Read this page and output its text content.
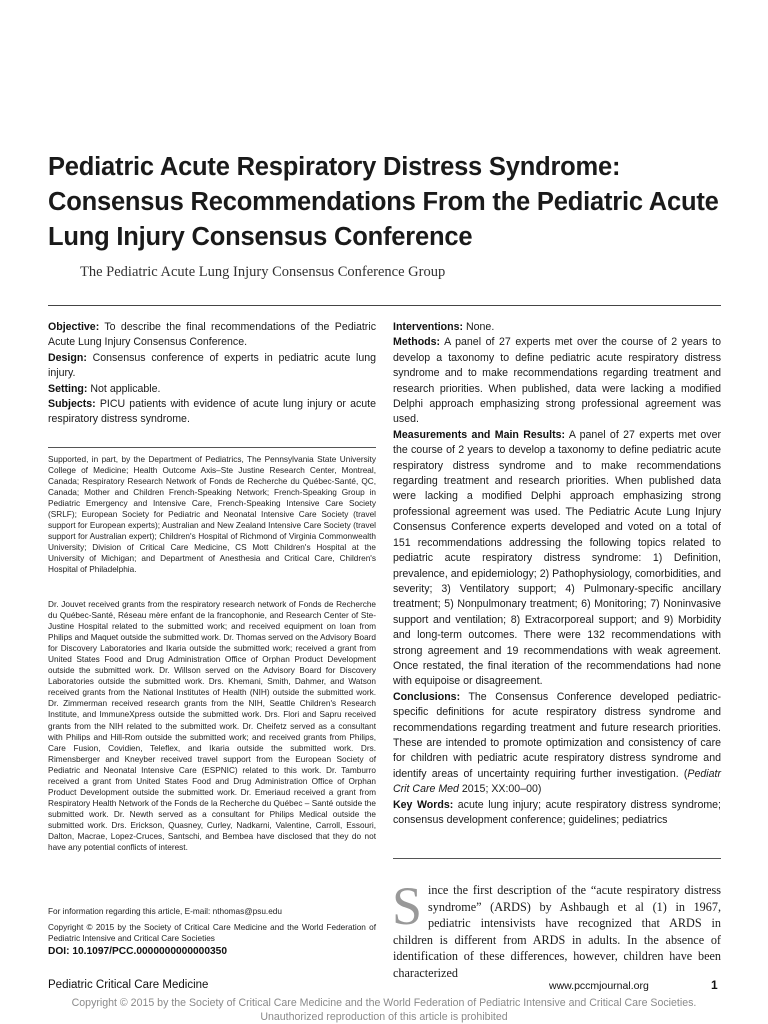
Pediatric Acute Respiratory Distress Syndrome: Consensus Recommendations From the Pediatric Acute Lung Injury Consensus Conference
The Pediatric Acute Lung Injury Consensus Conference Group

Objective: To describe the final recommendations of the Pediatric Acute Lung Injury Consensus Conference.

Design: Consensus conference of experts in pediatric acute lung injury.

Setting: Not applicable.

Subjects: PICU patients with evidence of acute lung injury or acute respiratory distress syndrome.

Supported, in part, by the Department of Pediatrics, The Pennsylvania State University College of Medicine; Health Outcome Axis–Ste Justine Research Center, Montreal, Canada; Respiratory Research Network of Fonds de Recherche du Québec-Santé, QC, Canada; Mother and Children French-Speaking Network; French-Speaking Group in Pediatric Emergency and Intensive Care, French-Speaking Intensive Care Society (SRLF); European Society for Pediatric and Neonatal Intensive Care Society (travel support for European experts); Australian and New Zealand Intensive Care Society (travel support for Australian expert); Children's Hospital of Richmond of Virginia Commonwealth University; Division of Critical Care Medicine, CS Mott Children's Hospital at the University of Michigan; and Department of Anesthesia and Critical Care, Children's Hospital of Philadelphia.

Dr. Jouvet received grants from the respiratory research network of Fonds de Recherche du Québec-Santé, Réseau mère enfant de la francophonie, and Research Center of Ste-Justine Hospital related to the submitted work; and received equipment on loan from Philips and Maquet outside the submitted work. Dr. Thomas served on the Advisory Board for Discovery Laboratories and Ikaria outside the submitted work; received a grant from United States Food and Drug Administration Office of Orphan Product Development outside the submitted work. Dr. Willson served on the Advisory Board for Discovery Laboratories outside the submitted work. Drs. Khemani, Smith, Dahmer, and Watson received grants from the National Institutes of Health (NIH) outside the submitted work. Dr. Zimmerman received research grants from the NIH, Seattle Children's Research Institute, and ImmuneXpress outside the submitted work. Drs. Flori and Sapru received grants from the NIH related to the submitted work. Dr. Cheifetz served as a consultant with Philips and Hill-Rom outside the submitted work; and received grants from Philips, Care Fusion, Covidien, Teleflex, and Ikaria outside the submitted work. Drs. Rimensberger and Kneyber received travel support from the European Society of Pediatric and Neonatal Intensive Care (ESPNIC) related to this work. Dr. Tamburro received a grant from United States Food and Drug Administration Office of Orphan Product Development outside the submitted work. Dr. Emeriaud received a grant from Respiratory Health Network of the Fonds de la Recherche du Québec – Santé outside the submitted work. Dr. Newth served as a consultant for Philips Medical outside the submitted work. Drs. Erickson, Quasney, Curley, Nadkarni, Valentine, Carroll, Essouri, Dalton, Macrae, Lopez-Cruces, Santschi, and Bembea have disclosed that they do not have any potential conflicts of interest.

For information regarding this article, E-mail: nthomas@psu.edu

Copyright © 2015 by the Society of Critical Care Medicine and the World Federation of Pediatric Intensive and Critical Care Societies

DOI: 10.1097/PCC.0000000000000350

Interventions: None.

Methods: A panel of 27 experts met over the course of 2 years to develop a taxonomy to define pediatric acute respiratory distress syndrome and to make recommendations regarding treatment and research priorities. When published, data were lacking a modified Delphi approach emphasizing strong professional agreement was used.

Measurements and Main Results: A panel of 27 experts met over the course of 2 years to develop a taxonomy to define pediatric acute respiratory distress syndrome and to make recommendations regarding treatment and research priorities. When published data were lacking a modified Delphi approach emphasizing strong professional agreement was used. The Pediatric Acute Lung Injury Consensus Conference experts developed and voted on a total of 151 recommendations addressing the following topics related to pediatric acute respiratory distress syndrome: 1) Definition, prevalence, and epidemiology; 2) Pathophysiology, comorbidities, and severity; 3) Ventilatory support; 4) Pulmonary-specific ancillary treatment; 5) Nonpulmonary treatment; 6) Monitoring; 7) Noninvasive support and ventilation; 8) Extracorporeal support; and 9) Morbidity and long-term outcomes. There were 132 recommendations with strong agreement and 19 recommendations with weak agreement. Once restated, the final iteration of the recommendations had none with equipoise or disagreement.

Conclusions: The Consensus Conference developed pediatric-specific definitions for acute respiratory distress syndrome and recommendations regarding treatment and future research priorities. These are intended to promote optimization and consistency of care for children with pediatric acute respiratory distress syndrome and identify areas of uncertainty requiring further investigation. (Pediatr Crit Care Med 2015; XX:00–00)

Key Words: acute lung injury; acute respiratory distress syndrome; consensus development conference; guidelines; pediatrics

Since the first description of the “acute respiratory distress syndrome” (ARDS) by Ashbaugh et al (1) in 1967, pediatric intensivists have recognized that ARDS in children is different from ARDS in adults. In the absence of identification of these differences, however, children have been characterized
Pediatric Critical Care Medicine	www.pccmjournal.org	1
Copyright © 2015 by the Society of Critical Care Medicine and the World Federation of Pediatric Intensive and Critical Care Societies.
Unauthorized reproduction of this article is prohibited
